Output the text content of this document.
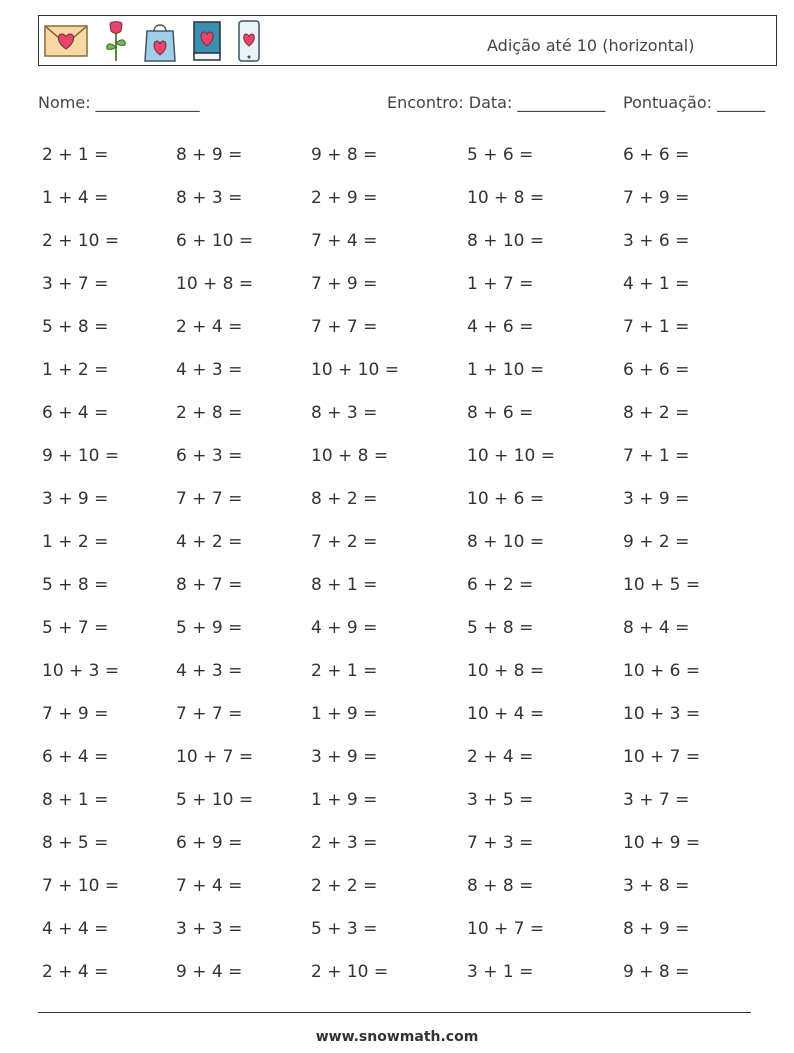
Adição até 10 (horizontal)
Nome: _____________	Encontro: Data: ___________ Pontuação: ______
2 + 1 =	8 + 9 =	9 + 8 =	5 + 6 =	6 + 6 =
1 + 4 =	8 + 3 =	2 + 9 =	10 + 8 =	7 + 9 =
2 + 10 =	6 + 10 =	7 + 4 =	8 + 10 =	3 + 6 =
3 + 7 =	10 + 8 =	7 + 9 =	1 + 7 =	4 + 1 =
5 + 8 =	2 + 4 =	7 + 7 =	4 + 6 =	7 + 1 =
1 + 2 =	4 + 3 =	10 + 10 =	1 + 10 =	6 + 6 =
6 + 4 =	2 + 8 =	8 + 3 =	8 + 6 =	8 + 2 =
9 + 10 =	6 + 3 =	10 + 8 =	10 + 10 =	7 + 1 =
3 + 9 =	7 + 7 =	8 + 2 =	10 + 6 =	3 + 9 =
1 + 2 =	4 + 2 =	7 + 2 =	8 + 10 =	9 + 2 =
5 + 8 =	8 + 7 =	8 + 1 =	6 + 2 =	10 + 5 =
5 + 7 =	5 + 9 =	4 + 9 =	5 + 8 =	8 + 4 =
10 + 3 =	4 + 3 =	2 + 1 =	10 + 8 =	10 + 6 =
7 + 9 =	7 + 7 =	1 + 9 =	10 + 4 =	10 + 3 =
6 + 4 =	10 + 7 =	3 + 9 =	2 + 4 =	10 + 7 =
8 + 1 =	5 + 10 =	1 + 9 =	3 + 5 =	3 + 7 =
8 + 5 =	6 + 9 =	2 + 3 =	7 + 3 =	10 + 9 =
7 + 10 =	7 + 4 =	2 + 2 =	8 + 8 =	3 + 8 =
4 + 4 =	3 + 3 =	5 + 3 =	10 + 7 =	8 + 9 =
2 + 4 =	9 + 4 =	2 + 10 =	3 + 1 =	9 + 8 =
www.snowmath.com
